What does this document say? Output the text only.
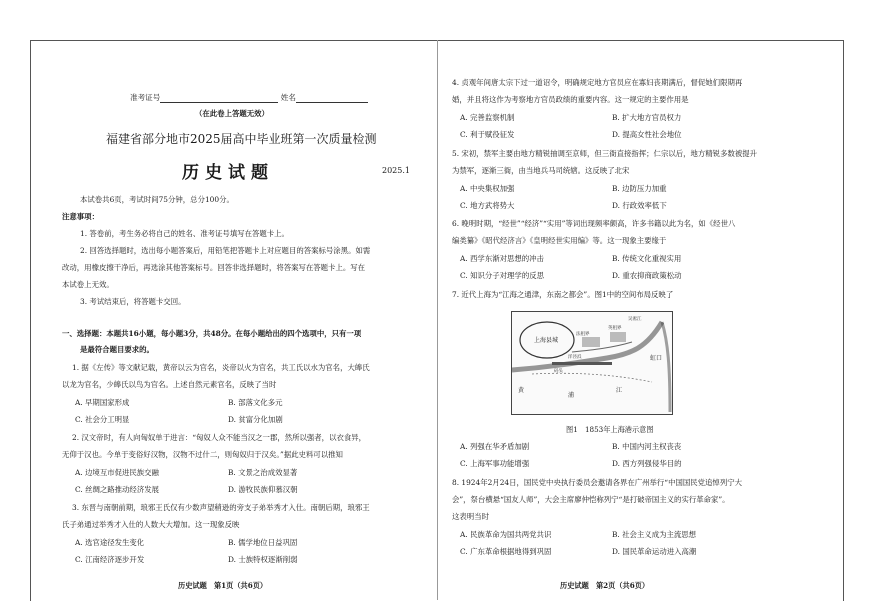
准考证号	姓名
（在此卷上答题无效）
福建省部分地市2025届高中毕业班第一次质量检测
历史试题	2025.1
本试卷共6页，考试时间75分钟，总分100分。
注意事项：
1. 答卷前，考生务必将自己的姓名、准考证号填写在答题卡上。
2. 回答选择题时，选出每小题答案后，用铅笔把答题卡上对应题目的答案标号涂黑。如需
改动，用橡皮擦干净后，再选涂其他答案标号。回答非选择题时，将答案写在答题卡上。写在
本试卷上无效。
3. 考试结束后，将答题卡交回。
一、选择题：本题共16小题，每小题3分，共48分。在每小题给出的四个选项中，只有一项
是最符合题目要求的。
1. 据《左传》等文献记载，黄帝以云为官名，炎帝以火为官名，共工氏以水为官名，大皞氏
以龙为官名，少皞氏以鸟为官名。上述自然元素官名，反映了当时
A. 早期国家形成	B. 部落文化多元
C. 社会分工明显	D. 贫富分化加剧
2. 汉文帝时，有人向匈奴单于进言：“匈奴人众不能当汉之一郡，然所以强者，以衣食异，
无仰于汉也。今单于变俗好汉物，汉物不过什二，则匈奴归于汉矣。”据此史料可以推知
A. 边境互市促进民族交融	B. 文景之治成效显著
C. 丝绸之路推动经济发展	D. 游牧民族仰慕汉朝
3. 东晋与南朝前期，琅邪王氏仅有少数声望稍逊的旁支子弟举秀才入仕。南朝后期，琅邪王
氏子弟通过举秀才入仕的人数大大增加。这一现象反映
A. 选官途径发生变化	B. 儒学地位日益巩固
C. 江南经济逐步开发	D. 士族特权逐渐削弱
历史试题　第1页（共6页）
4. 贞观年间唐太宗下过一道诏令，明确规定地方官员应在寡妇丧期满后，督促她们限期再
婚，并且将这作为考察地方官员政绩的重要内容。这一规定的主要作用是
A. 完善监察机制	B. 扩大地方官员权力
C. 利于赋役征发	D. 提高女性社会地位
5. 宋初，禁军主要由地方精锐抽调至京师，但三衙直接指挥；仁宗以后，地方精锐多数被提升
为禁军，逐渐三衙，由当地兵马司统辖。这反映了北宋
A. 中央集权加强	B. 边防压力加重
C. 地方武将势大	D. 行政效率低下
6. 晚明时期，“经世”“经济”“实用”等词出现频率颇高，许多书籍以此为名，如《经世八
编类纂》《昭代经济言》《皇明经世实用编》等。这一现象主要缘于
A. 西学东渐对思想的冲击	B. 传统文化重视实用
C. 知识分子对理学的反思	D. 重农抑商政策松动
7. 近代上海为“江海之通津，东南之都会”。图1中的空间布局反映了
上海县城
黄
浦
江
虹口
洋泾浜
法租界
英租界
吴淞江
码头
图1　1853年上海港示意图
A. 列强在华矛盾加剧	B. 中国内河主权丧丧
C. 上海军事功能增强	D. 西方列强侵华目的
8. 1924年2月24日，国民党中央执行委员会邀请各界在广州举行“中国国民党追悼列宁大
会”，祭台横悬“国友人师”，大会主席廖仲恺称列宁“是打破帝国主义的实行革命家”。
这表明当时
A. 民族革命为国共两党共识	B. 社会主义成为主流思想
C. 广东革命根据地得到巩固	D. 国民革命运动进入高潮
历史试题　第2页（共6页）
